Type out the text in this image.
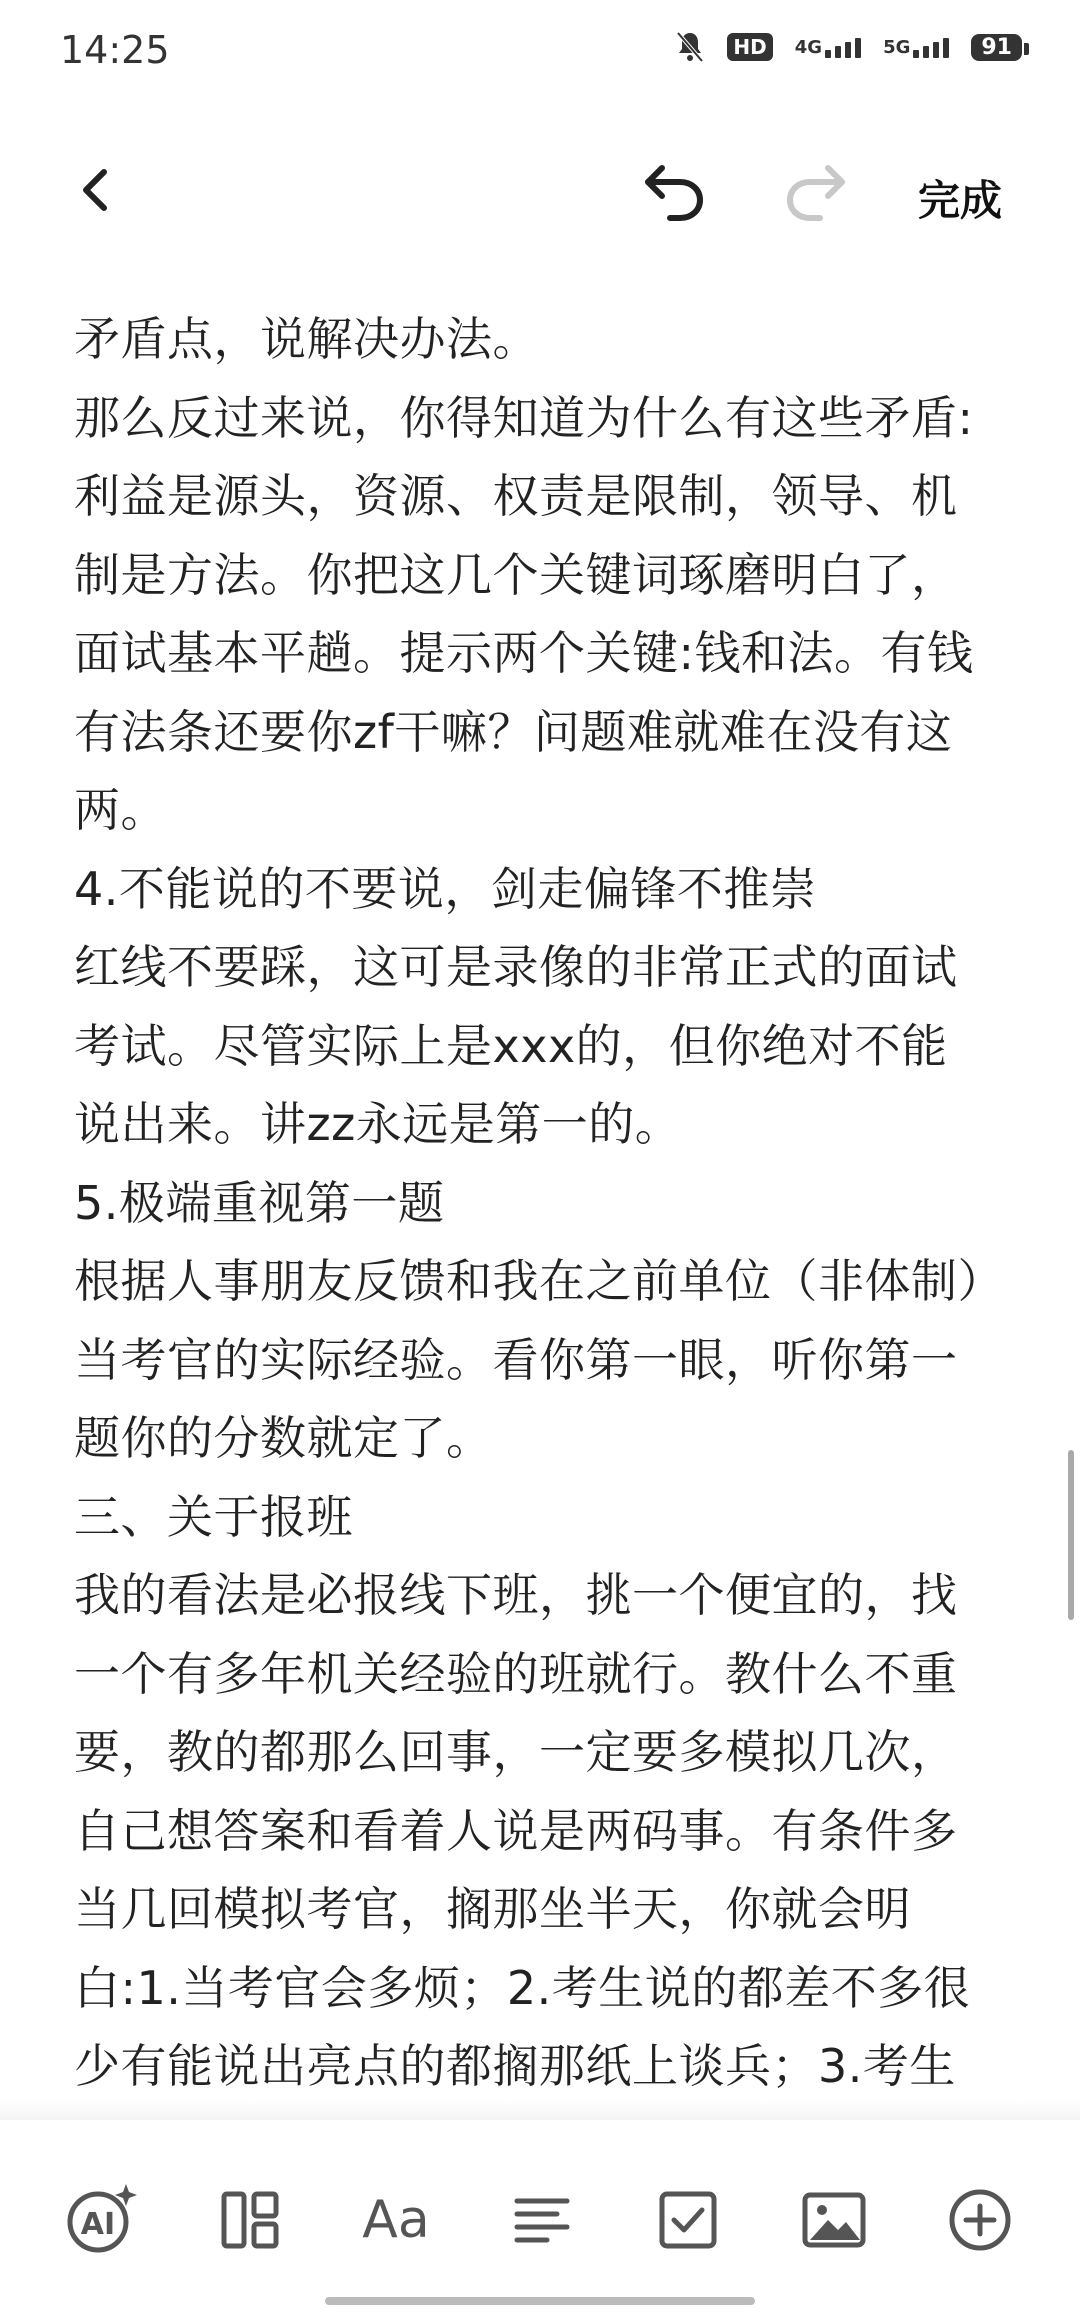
14:25	HD	4G	5G	91
完成
矛盾点，说解决办法。
那么反过来说，你得知道为什么有这些矛盾:
利益是源头，资源、权责是限制，领导、机
制是方法。你把这几个关键词琢磨明白了，
面试基本平趟。提示两个关键:钱和法。有钱
有法条还要你zf干嘛？问题难就难在没有这
两。
4.不能说的不要说，剑走偏锋不推崇
红线不要踩，这可是录像的非常正式的面试
考试。尽管实际上是xxx的，但你绝对不能
说出来。讲zz永远是第一的。
5.极端重视第一题
根据人事朋友反馈和我在之前单位（非体制）
当考官的实际经验。看你第一眼，听你第一
题你的分数就定了。
三、关于报班
我的看法是必报线下班，挑一个便宜的，找
一个有多年机关经验的班就行。教什么不重
要，教的都那么回事，一定要多模拟几次，
自己想答案和看着人说是两码事。有条件多
当几回模拟考官，搁那坐半天，你就会明
白:1.当考官会多烦；2.考生说的都差不多很
少有能说出亮点的都搁那纸上谈兵；3.考生
AI	Aa
